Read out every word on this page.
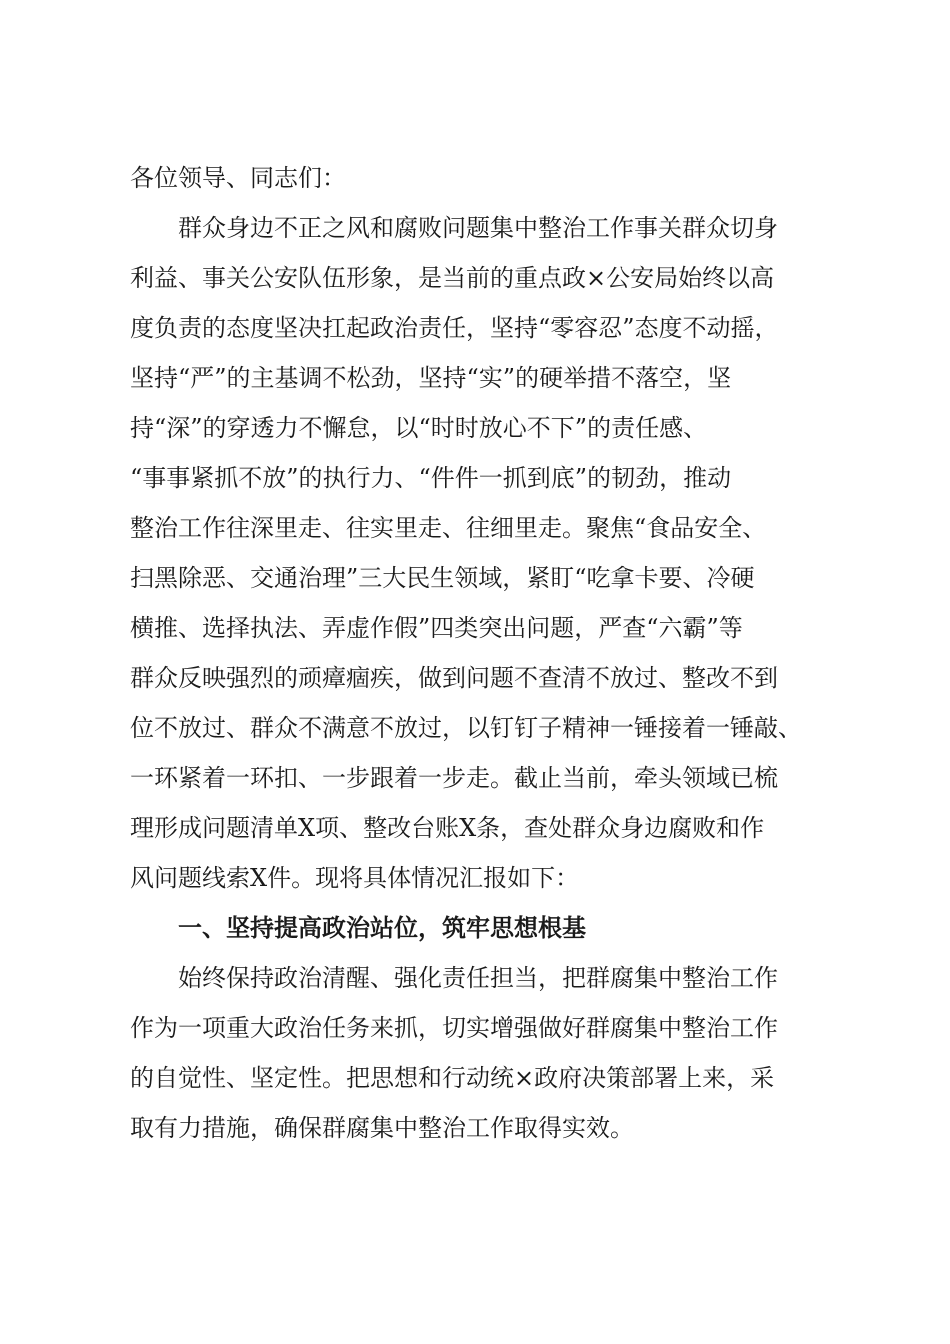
各位领导、同志们：
群众身边不正之风和腐败问题集中整治工作事关群众切身
利益、事关公安队伍形象，是当前的重点政×公安局始终以高
度负责的态度坚决扛起政治责任，坚持“零容忍”态度不动摇，
坚持“严”的主基调不松劲，坚持“实”的硬举措不落空，坚
持“深”的穿透力不懈怠，以“时时放心不下”的责任感、
“事事紧抓不放”的执行力、“件件一抓到底”的韧劲，推动
整治工作往深里走、往实里走、往细里走。聚焦“食品安全、
扫黑除恶、交通治理”三大民生领域，紧盯“吃拿卡要、冷硬
横推、选择执法、弄虚作假”四类突出问题，严查“六霸”等
群众反映强烈的顽瘴痼疾，做到问题不查清不放过、整改不到
位不放过、群众不满意不放过，以钉钉子精神一锤接着一锤敲、
一环紧着一环扣、一步跟着一步走。截止当前，牵头领域已梳
理形成问题清单X项、整改台账X条，查处群众身边腐败和作
风问题线索X件。现将具体情况汇报如下：
一、坚持提高政治站位，筑牢思想根基
始终保持政治清醒、强化责任担当，把群腐集中整治工作
作为一项重大政治任务来抓，切实增强做好群腐集中整治工作
的自觉性、坚定性。把思想和行动统×政府决策部署上来，采
取有力措施，确保群腐集中整治工作取得实效。
